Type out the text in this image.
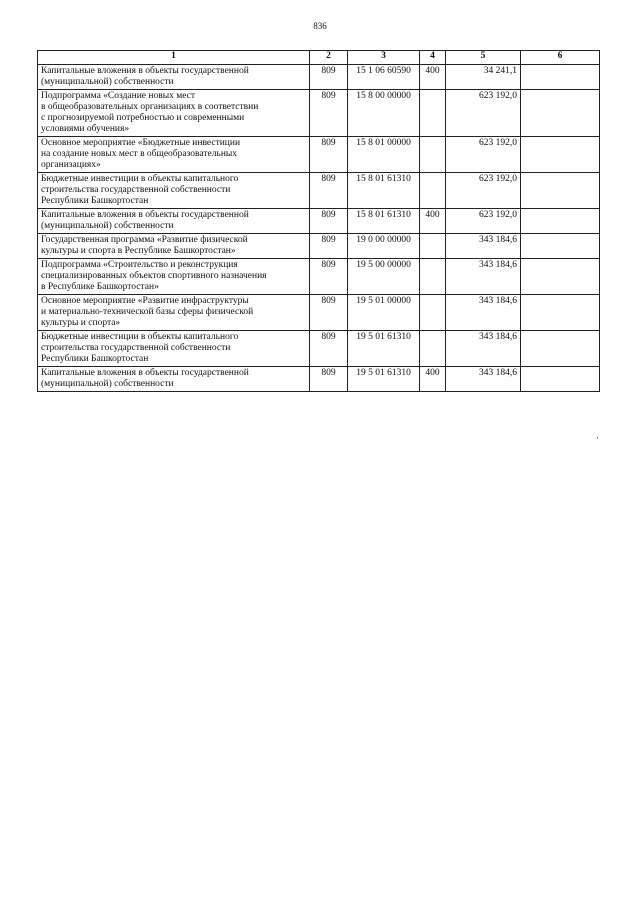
836
1	2	3	4	5	6

Капитальные вложения в объекты государственной
(муниципальной) собственности	809	15 1 06 60590	400	34 241,1	

Подпрограмма «Создание новых мест
в общеобразовательных организациях в соответствии
с прогнозируемой потребностью и современными
условиями обучения»	809	15 8 00 00000		623 192,0	

Основное мероприятие «Бюджетные инвестиции
на создание новых мест в общеобразовательных
организациях»	809	15 8 01 00000		623 192,0	

Бюджетные инвестиции в объекты капитального
строительства государственной собственности
Республики Башкортостан	809	15 8 01 61310		623 192,0	

Капитальные вложения в объекты государственной
(муниципальной) собственности	809	15 8 01 61310	400	623 192,0	

Государственная программа «Развитие физической
культуры и спорта в Республике Башкортостан»	809	19 0 00 00000		343 184,6	

Подпрограмма «Строительство и реконструкция
специализированных объектов спортивного назначения
в Республике Башкортостан»	809	19 5 00 00000		343 184,6	

Основное мероприятие «Развитие инфраструктуры
и материально-технической базы сферы физической
культуры и спорта»	809	19 5 01 00000		343 184,6	

Бюджетные инвестиции в объекты капитального
строительства государственной собственности
Республики Башкортостан	809	19 5 01 61310		343 184,6	

Капитальные вложения в объекты государственной
(муниципальной) собственности	809	19 5 01 61310	400	343 184,6	
